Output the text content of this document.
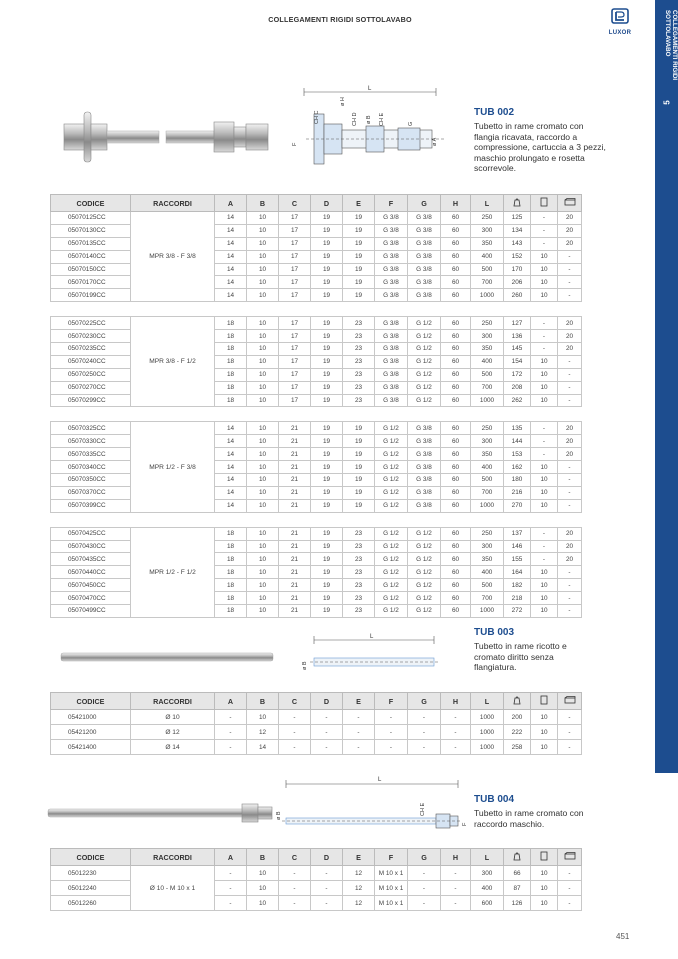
COLLEGAMENTI RIGIDI SOTTOLAVABO
LUXOR	COLLEGAMENTI RIGIDI SOTTOLAVABO
5
L
ø H
CH C	CH D ø B CH E	G
ø A
F
TUB 002
Tubetto in rame cromato con flangia ricavata, raccordo a compressione, cartuccia a 3 pezzi, maschio prolungato e rosetta scorrevole.
CODICE	RACCORDI	A	B	C	D	E	F	G	H	L			
05070125CC	MPR 3/8 - F 3/8	14	10	17	19	19	G 3/8	G 3/8	60	250	125	-	20
05070130CC		14	10	17	19	19	G 3/8	G 3/8	60	300	134	-	20
05070135CC		14	10	17	19	19	G 3/8	G 3/8	60	350	143	-	20
05070140CC		14	10	17	19	19	G 3/8	G 3/8	60	400	152	10	-
05070150CC		14	10	17	19	19	G 3/8	G 3/8	60	500	170	10	-
05070170CC		14	10	17	19	19	G 3/8	G 3/8	60	700	206	10	-
05070199CC		14	10	17	19	19	G 3/8	G 3/8	60	1000	260	10	-

05070225CC	MPR 3/8 - F 1/2	18	10	17	19	23	G 3/8	G 1/2	60	250	127	-	20
05070230CC		18	10	17	19	23	G 3/8	G 1/2	60	300	136	-	20
05070235CC		18	10	17	19	23	G 3/8	G 1/2	60	350	145	-	20
05070240CC		18	10	17	19	23	G 3/8	G 1/2	60	400	154	10	-
05070250CC		18	10	17	19	23	G 3/8	G 1/2	60	500	172	10	-
05070270CC		18	10	17	19	23	G 3/8	G 1/2	60	700	208	10	-
05070299CC		18	10	17	19	23	G 3/8	G 1/2	60	1000	262	10	-

05070325CC	MPR 1/2 - F 3/8	14	10	21	19	19	G 1/2	G 3/8	60	250	135	-	20
05070330CC		14	10	21	19	19	G 1/2	G 3/8	60	300	144	-	20
05070335CC		14	10	21	19	19	G 1/2	G 3/8	60	350	153	-	20
05070340CC		14	10	21	19	19	G 1/2	G 3/8	60	400	162	10	-
05070350CC		14	10	21	19	19	G 1/2	G 3/8	60	500	180	10	-
05070370CC		14	10	21	19	19	G 1/2	G 3/8	60	700	216	10	-
05070399CC		14	10	21	19	19	G 1/2	G 3/8	60	1000	270	10	-

05070425CC	MPR 1/2 - F 1/2	18	10	21	19	23	G 1/2	G 1/2	60	250	137	-	20
05070430CC		18	10	21	19	23	G 1/2	G 1/2	60	300	146	-	20
05070435CC		18	10	21	19	23	G 1/2	G 1/2	60	350	155	-	20
05070440CC		18	10	21	19	23	G 1/2	G 1/2	60	400	164	10	-
05070450CC		18	10	21	19	23	G 1/2	G 1/2	60	500	182	10	-
05070470CC		18	10	21	19	23	G 1/2	G 1/2	60	700	218	10	-
05070499CC		18	10	21	19	23	G 1/2	G 1/2	60	1000	272	10	-
L
ø B
TUB 003
Tubetto in rame ricotto e cromato diritto senza flangiatura.
CODICE	RACCORDI	A	B	C	D	E	F	G	H	L			
05421000	Ø 10	-	10	-	-	-	-	-	-	1000	200	10	-
05421200	Ø 12	-	12	-	-	-	-	-	-	1000	222	10	-
05421400	Ø 14	-	14	-	-	-	-	-	-	1000	258	10	-
L
ø B	CH E
F
TUB 004
Tubetto in rame cromato con raccordo maschio.
CODICE	RACCORDI	A	B	C	D	E	F	G	H	L			
05012230	Ø 10 - M 10 x 1	-	10	-	-	12	M 10 x 1	-	-	300	66	10	-
05012240		-	10	-	-	12	M 10 x 1	-	-	400	87	10	-
05012260		-	10	-	-	12	M 10 x 1	-	-	600	126	10	-
451
